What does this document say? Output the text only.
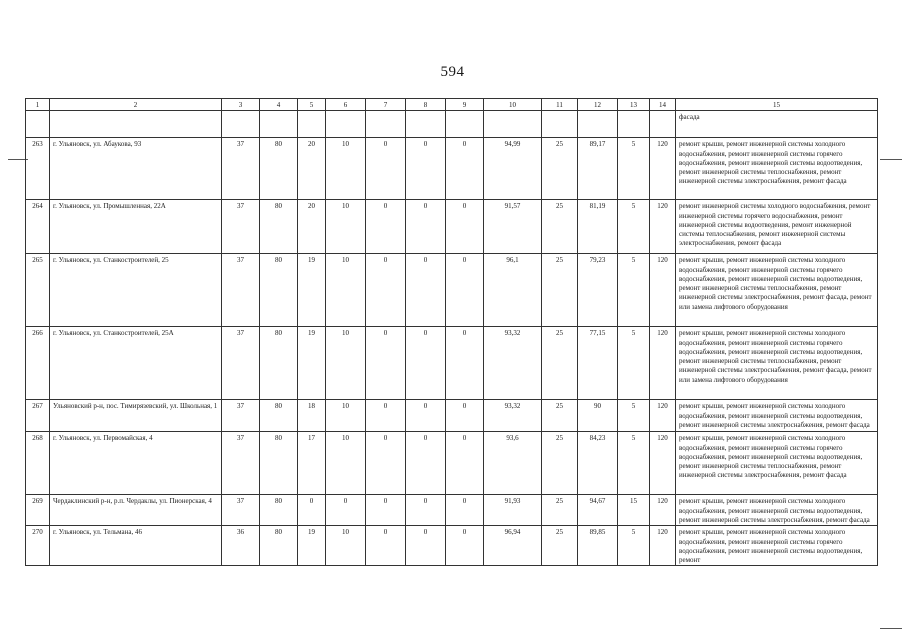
594
1	2	3	4	5	6	7	8	9	10	11	12	13	14	15
														фасада
263	г. Ульяновск, ул. Абаукова, 93	37	80	20	10	0	0	0	94,99	25	89,17	5	120	ремонт крыши, ремонт инженерной системы холодного водоснабжения, ремонт инженерной системы горячего водоснабжения, ремонт инженерной системы водоотведения, ремонт инженерной системы теплоснабжения, ремонт инженерной системы электроснабжения, ремонт фасада
264	г. Ульяновск, ул. Промышленная, 22А	37	80	20	10	0	0	0	91,57	25	81,19	5	120	ремонт инженерной системы холодного водоснабжения, ремонт инженерной системы горячего водоснабжения, ремонт инженерной системы водоотведения, ремонт инженерной системы теплоснабжения, ремонт инженерной системы электроснабжения, ремонт фасада
265	г. Ульяновск, ул. Станкостроителей, 25	37	80	19	10	0	0	0	96,1	25	79,23	5	120	ремонт крыши, ремонт инженерной системы холодного водоснабжения, ремонт инженерной системы горячего водоснабжения, ремонт инженерной системы водоотведения, ремонт инженерной системы теплоснабжения, ремонт инженерной системы электроснабжения, ремонт фасада, ремонт или замена лифтового оборудования
266	г. Ульяновск, ул. Станкостроителей, 25А	37	80	19	10	0	0	0	93,32	25	77,15	5	120	ремонт крыши, ремонт инженерной системы холодного водоснабжения, ремонт инженерной системы горячего водоснабжения, ремонт инженерной системы водоотведения, ремонт инженерной системы теплоснабжения, ремонт инженерной системы электроснабжения, ремонт фасада, ремонт или замена лифтового оборудования
267	Ульяновский р-н, пос. Тимирязевский, ул. Школьная, 1	37	80	18	10	0	0	0	93,32	25	90	5	120	ремонт крыши, ремонт инженерной системы холодного водоснабжения, ремонт инженерной системы водоотведения, ремонт инженерной системы электроснабжения, ремонт фасада
268	г. Ульяновск, ул. Первомайская, 4	37	80	17	10	0	0	0	93,6	25	84,23	5	120	ремонт крыши, ремонт инженерной системы холодного водоснабжения, ремонт инженерной системы горячего водоснабжения, ремонт инженерной системы водоотведения, ремонт инженерной системы теплоснабжения, ремонт инженерной системы электроснабжения, ремонт фасада
269	Чердаклинский р-н, р.п. Чердаклы, ул. Пионерская, 4	37	80	0	0	0	0	0	91,93	25	94,67	15	120	ремонт крыши, ремонт инженерной системы холодного водоснабжения, ремонт инженерной системы водоотведения, ремонт инженерной системы электроснабжения, ремонт фасада
270	г. Ульяновск, ул. Тельмана, 46	36	80	19	10	0	0	0	96,94	25	89,85	5	120	ремонт крыши, ремонт инженерной системы холодного водоснабжения, ремонт инженерной системы горячего водоснабжения, ремонт инженерной системы водоотведения, ремонт
